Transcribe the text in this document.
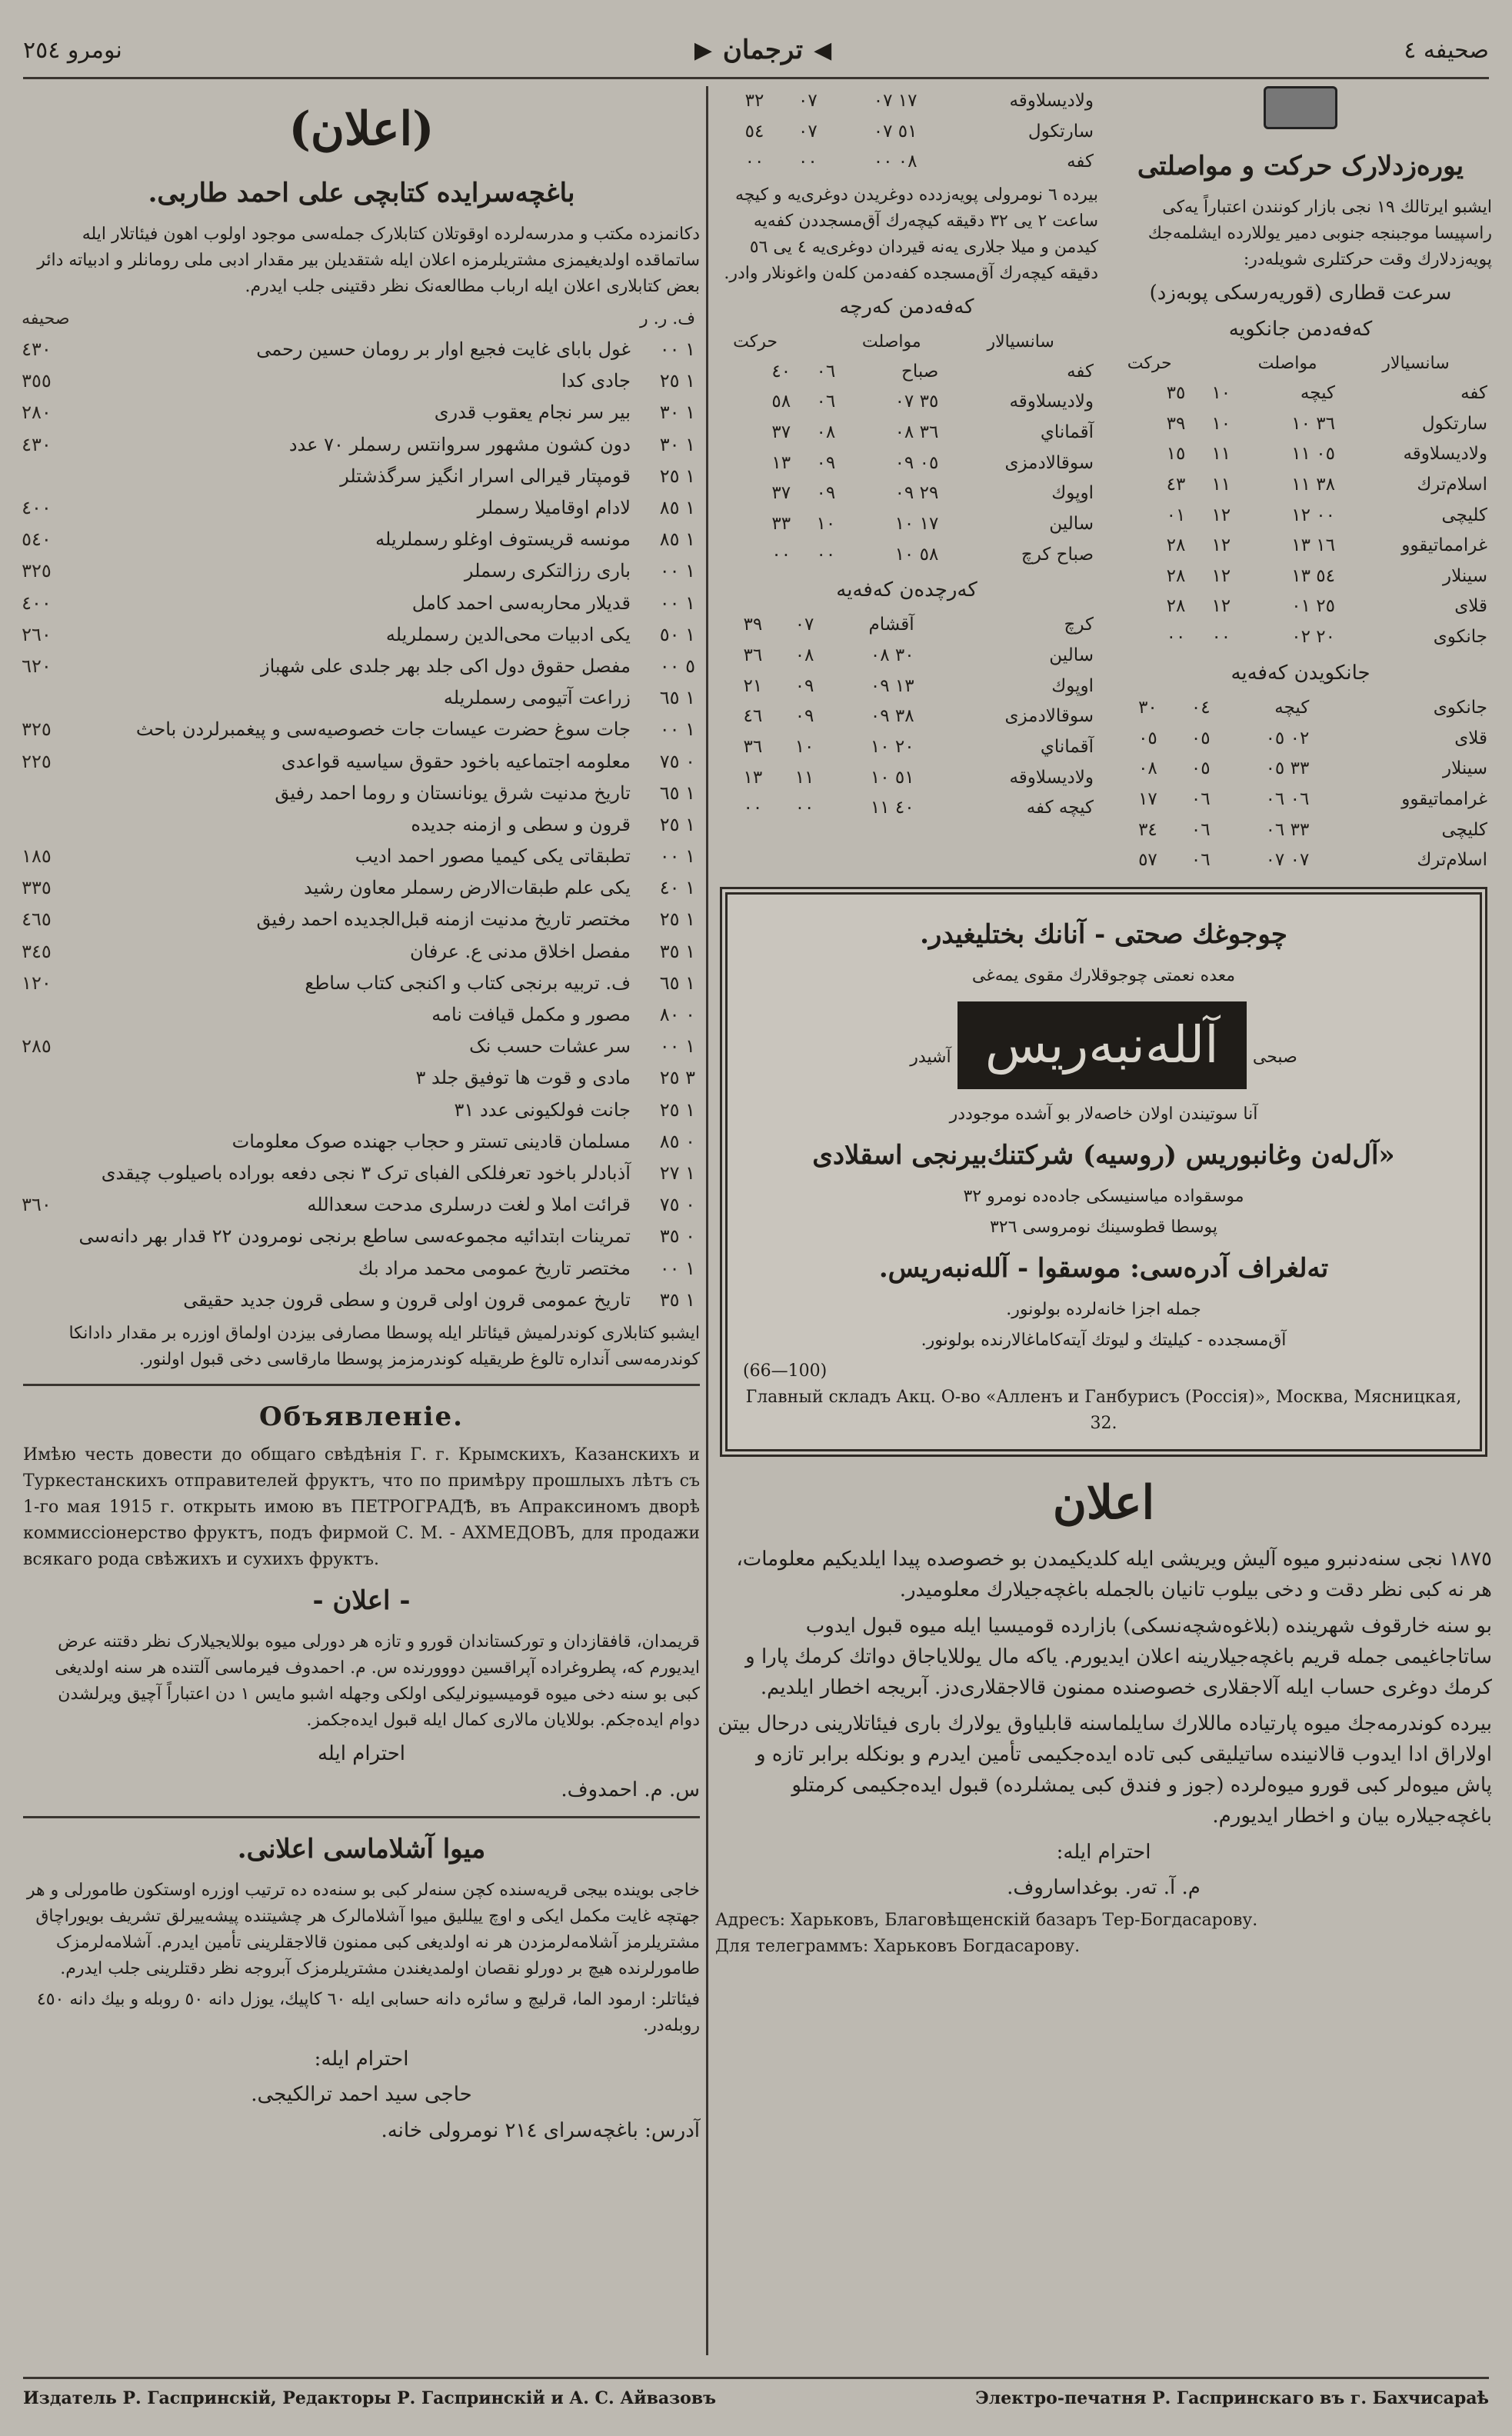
صحیفه ٤
◀
ترجمان
▶
نومرو ٢٥٤
یوره‌زدلارک حرکت و مواصلتی

ایشبو ایرتالك ١٩ نجی بازار کونندن اعتباراً یه‌کی راسپیسا موجبنجه جنوبی دمیر یوللارده ایشلمه‌جك پویه‌زدلارك وقت حرکتلری شویله‌در:

سرعت قطاری (قوریه‌رسکی پوبه‌زد)

که‌فه‌دمن جانکویه

سانسیالار	مواصلت		حرکت
کفه	کیچه	١٠	٣٥
سارتکول	٣٦ ١٠	١٠	٣٩
ولادیسلاوقه	٠٥ ١١	١١	١٥
اسلام‌ترك	٣٨ ١١	١١	٤٣
کلیچی	٠٠ ١٢	١٢	٠١
غرامماتیقوو	١٦ ١٣	١٢	٢٨
سینلار	٥٤ ١٣	١٢	٢٨
قلای	٢٥ ٠١	١٢	٢٨
جانکوی	٢٠ ٠٢	٠٠	٠٠

جانکویدن که‌فه‌یه

جانکوی	کیچه	٠٤	٣٠
قلای	٠٢ ٠٥	٠٥	٠٥
سینلار	٣٣ ٠٥	٠٥	٠٨
غرامماتیقوو	٠٦ ٠٦	٠٦	١٧
کلیچی	٣٣ ٠٦	٠٦	٣٤
اسلام‌ترك	٠٧ ٠٧	٠٦	٥٧
ولادیسلاوقه	١٧ ٠٧	٠٧	٣٢
سارتکول	٥١ ٠٧	٠٧	٥٤
کفه	٠٨ ٠٠	٠٠	٠٠

بیرده ٦ نومرولی پویه‌زدده دوغریدن دوغری‌یه و کیچه ساعت ٢ یی ٣٢ دقیقه کیچه‌رك آق‌مسجددن کفه‌یه کیدمن و میلا جلاری یه‌نه قیردان دوغری‌یه ٤ یی ٥٦ دقیقه کیچه‌رك آق‌مسجده کفه‌دمن کله‌ن واغونلار وادر.

که‌فه‌دمن که‌رچه

سانسیالار	مواصلت		حرکت
کفه	صباح	٠٦	٤٠
ولادیسلاوقه	٣٥ ٠٧	٠٦	٥٨
آقماناي	٣٦ ٠٨	٠٨	٣٧
سوقالادمزی	٠٥ ٠٩	٠٩	١٣
اوپوك	٢٩ ٠٩	٠٩	٣٧
سالین	١٧ ١٠	١٠	٣٣
صباح کرچ	٥٨ ١٠	٠٠	٠٠

که‌رچده‌ن که‌فه‌یه

کرچ	آقشام	٠٧	٣٩
سالین	٣٠ ٠٨	٠٨	٣٦
اوپوك	١٣ ٠٩	٠٩	٢١
سوقالادمزی	٣٨ ٠٩	٠٩	٤٦
آقماناي	٢٠ ١٠	١٠	٣٦
ولادیسلاوقه	٥١ ١٠	١١	١٣
کیچه کفه	٤٠ ١١	٠٠	٠٠
چوجوغك صحتی - آنانك بختلیغیدر.

معده نعمتی چوجوقلارك مقوی یمه‌غی

صبحی آللەنبەریس آشیدر

آنا سوتیندن اولان خاصه‌لار بو آشده موجوددر

«آل‌له‌ن وغانبوریس (روسیه) شرکتنك‌بیرنجی اسقلادی

موسقواده میاسنیسکی جاده‌ده نومرو ٣٢

پوسطا قطوسینك نومروسی ٣٢٦

تەلغراف آدرەسی: موسقوا - آللەنبەریس.

جمله اجزا خانه‌لرده بولونور.

آق‌مسجدده - کیلیتك و لیوتك آیته‌کاماغالارنده بولونور.

(66—100)
Главный складъ Акц. О-во «Алленъ и Ганбурисъ (Россія)», Москва, Мясницкая, 32.
اعلان

١٨٧٥ نجی سنه‌دنبرو میوه آلیش ویریشی ایله کلدیکیمدن بو خصوصده پیدا ایلدیکیم معلومات، هر نه کبی نظر دقت و دخی بیلوب تانیان بالجمله باغچه‌جیلارك معلومیدر.

بو سنه خارقوف شهرینده (بلاغوەشچەنسکی) بازارده قومیسیا ایله میوه قبول ایدوب ساتاجاغیمی جمله قریم باغچه‌جیلارینه اعلان ایدیورم. یاکه مال یوللایاجاق دواتك کرمك پارا و کرمك دوغری حساب ایله آلاجقلاری خصوصنده ممنون قالاجقلاری‌دز. آبریجه اخطار ایلدیم.

بیرده کوندرمه‌جك میوه پارتیاده ماللارك سایلماسنه قابلیاوق یولارك باری فیئاتلارینی درحال بیتن اولاراق ادا ایدوب قالانینده ساتیلیقی کبی تاده ایده‌جکیمی تأمین ایدرم و بونکله برابر تازه و پاش میوه‌لر کبی قورو میوه‌لرده (جوز و فندق کبی یمشلرده) قبول ایده‌جکیمی کرمتلو باغچه‌جیلاره بیان و اخطار ایدیورم.

احترام ایله:

م. آ. ته‌ر. بوغداساروف.

Адресъ: Харьковъ, Благовѣщенскій базаръ Тер-Богдасарову.
Для телеграммъ: Харьковъ Богдасарову.
(اعلان)
باغچه‌سرایده کتابچی علی احمد طاربی.

دکانمزده مکتب و مدرسه‌لرده اوقوتلان کتابلارک جمله‌سی موجود اولوب اهون فیئاتلار ایله ساتماقده اولدیغیمزی مشتریلرمزه اعلان ایله شتقدیلن بیر مقدار ادبی ملی رومانلر و ادبیاته دائر بعض کتابلاری اعلان ایله ارباب مطالعه‌نک نظر دقتینی جلب ایدرم.

ف. ر. ر		صحیفه
١ ٠٠	غول بابای غایت فجیع اوار بر رومان حسین رحمی	٤٣٠
١ ٢٥	جادی کدا	٣٥٥
١ ٣٠	بیر سر نجام یعقوب قدری	٢٨٠
١ ٣٠	دون کشون مشهور سروانتس رسملر ٧٠ عدد	٤٣٠
١ ٢٥	قومپتار قیرالی اسرار انگیز سرگذشتلر	
١ ٨٥	لادام اوقامیلا رسملر	٤٠٠
١ ٨٥	مونسه قریستوف اوغلو رسملریله	٥٤٠
١ ٠٠	باری رزالتکری رسملر	٣٢٥
١ ٠٠	قدیلار محاربه‌سی احمد کامل	٤٠٠
١ ٥٠	یکی ادبیات محی‌الدین رسملریله	٢٦٠
٥ ٠٠	مفصل حقوق دول اکی جلد بهر جلدی علی شهباز	٦٢٠
١ ٦٥	زراعت آتیومی رسملریله	
١ ٠٠	جات سوغ حضرت عیسات جات خصوصیه‌سی و پیغمبرلردن باحث	٣٢٥
٠ ٧٥	معلومه اجتماعیه باخود حقوق سیاسیه قواعدی	٢٢٥
١ ٦٥	تاریخ مدنیت شرق یونانستان و روما احمد رفیق	
١ ٢٥	قرون و سطی و ازمنه جدیده	
١ ٠٠	تطبقاتی یکی کیمیا مصور احمد ادیب	١٨٥
١ ٤٠	یکی علم طبقات‌الارض رسملر معاون رشید	٣٣٥
١ ٢٥	مختصر تاریخ مدنیت ازمنه قبل‌الجدیده احمد رفیق	٤٦٥
١ ٣٥	مفصل اخلاق مدنی ع. عرفان	٣٤٥
١ ٦٥	ف. تربیه برنجی کتاب و اکنجی کتاب ساطع	١٢٠
٠ ٨٠	مصور و مکمل قیافت نامه	
١ ٠٠	سر عشات حسب نک	٢٨٥
٣ ٢٥	مادی و قوت ها توفیق جلد ٣	
١ ٢٥	جانت فولکیونی عدد ٣١	
٠ ٨٥	مسلمان قادینی تستر و حجاب جهنده صوک معلومات	
١ ٢٧	آذبادلر باخود تعرفلکی الفبای ترک ٣ نجی دفعه بوراده باصیلوب چیقدی	
٠ ٧٥	قرائت املا و لغت درسلری مدحت سعدالله	٣٦٠
٠ ٣٥	تمرینات ابتدائیه مجموعه‌سی ساطع برنجی نومرودن ٢٢ قدار بهر دانه‌سی	
١ ٠٠	مختصر تاریخ عمومی محمد مراد بك	
١ ٣٥	تاریخ عمومی قرون اولی قرون و سطی قرون جدید حقیقی	

ایشبو کتابلاری کوندرلمیش قیئاتلر ایله پوسطا مصارفی بیزدن اولماق اوزره بر مقدار دادانکا کوندرمه‌سی آنداره تالوغ طریقیله کوندرمزمز پوسطا مارقاسی دخی قبول اولنور.

Объявленіе.
Имѣю честь довести до общаго свѣдѣнія Г. г. Крымскихъ, Казанскихъ и Туркестанскихъ отправителей фруктъ, что по примѣру прошлыхъ лѣтъ съ 1-го мая 1915 г. открыть имою въ ПЕТРОГРАДѢ, въ Апраксиномъ дворѣ коммиссіонерство фруктъ, подъ фирмой С. М. - АХМЕДОВЪ, для продажи всякаго рода свѣжихъ и сухихъ фруктъ.
- اعلان -

قریمدان، قافقازدان و تورکستاندان قورو و تازه هر دورلی میوه بوللایجیلارک نظر دقتنه عرض ایدیورم که، پطروغراده آپراقسین دووورنده س. م. احمدوف فیرماسی آلتنده هر سنه اولدیغی کبی بو سنه دخی میوه قومیسیونرلیکی اولکی وجهله اشبو مایس ١ دن اعتباراً آچیق ویرلشدن دوام ایده‌جکم. بوللایان مالاری کمال ایله قبول ایده‌جکمز.

احترام ایله

س. م. احمدوف.

میوا آشلاماسی اعلانی.

خاجی بوینده بیجی قریه‌سنده کچن سنه‌لر کبی بو سنه‌ده ده ترتیب اوزره اوستکون طامورلی و هر جهتچه غایت مکمل ایکی و اوچ ییللیق میوا آشلامالرک هر چشیتنده پیشه‌ییرلق تشریف بویوراچاق مشتریلرمز آشلامه‌لرمزدن هر نه اولدیغی کبی ممنون قالاجقلرینی تأمین ایدرم. آشلامه‌لرمزک طامورلرنده هیچ بر دورلو نقصان اولمدیغندن مشتریلرمزک آبروجه نظر دقتلرینی جلب ایدرم.

فیئاتلر: ارمود الما، قرلیچ و سائره دانه حسابی ایله ٦٠ کاپیك، یوزل دانه ٥٠ روبله و بیك دانه ٤٥٠ روبله‌در.

احترام ایله:

حاجی سید احمد ترالکیجی.

آدرس: باغچه‌سرای ٢١٤ نومرولی خانه.

Издатель Р. Гаспринскій, Редакторы Р. Гаспринскій и А. С. Айвазовъ	Электро-печатня Р. Гаспринскаго въ г. Бахчисараѣ
